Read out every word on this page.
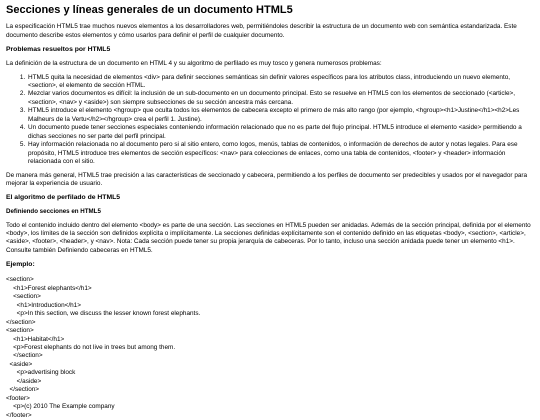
Secciones y líneas generales de un documento HTML5

La especificación HTML5 trae muchos nuevos elementos a los desarrolladores web, permitiéndoles describir la estructura de un documento web con semántica estandarizada. Este documento describe estos elementos y cómo usarlos para definir el perfil de cualquier documento.

Problemas resueltos por HTML5

La definición de la estructura de un documento en HTML 4 y su algoritmo de perfilado es muy tosco y genera numerosos problemas:

1. HTML5 quita la necesidad de elementos <div> para definir secciones semánticas sin definir valores específicos para los atributos class, introduciendo un nuevo elemento, <section>, el elemento de sección HTML.
2. Mezclar varios documentos es difícil: la inclusión de un sub-documento en un documento principal. Esto se resuelve en HTML5 con los elementos de seccionado (<article>, <section>, <nav> y <aside>) son siempre subsecciones de su sección ancestra más cercana.
3. HTML5 introduce el elemento <hgroup> que oculta todos los elementos de cabecera excepto el primero de más alto rango (por ejemplo, <hgroup><h1>Justine</h1><h2>Les Malheurs de la Vertu</h2></hgroup> crea el perfil 1. Justine).
4. Un documento puede tener secciones especiales conteniendo información relacionado que no es parte del flujo principal. HTML5 introduce el elemento <aside> permitiendo a dichas secciones no ser parte del perfil principal.
5. Hay información relacionada no al documento pero si al sitio entero, como logos, menús, tablas de contenidos, o información de derechos de autor y notas legales. Para ese propósito, HTML5 introduce tres elementos de sección específicos: <nav> para colecciones de enlaces, como una tabla de contenidos, <footer> y <header> información relacionada con el sitio.

De manera más general, HTML5 trae precisión a las características de seccionado y cabecera, permitiendo a los perfiles de documento ser predecibles y usados por el navegador para mejorar la experiencia de usuario.

El algoritmo de perfilado de HTML5
Definiendo secciones en HTML5

Todo el contenido incluido dentro del elemento <body> es parte de una sección. Las secciones en HTML5 pueden ser anidadas. Además de la sección principal, definida por el elemento <body>, los límites de la sección son definidos explícita o implícitamente. La secciones definidas explícitamente son el contenido definido en las etiquetas <body>, <section>, <article>, <aside>, <footer>, <header>, y <nav>. Nota: Cada sección puede tener su propia jerarquía de cabeceras. Por lo tanto, incluso una sección anidada puede tener un elemento <h1>. Consulte también Definiendo cabeceras en HTML5.

Ejemplo:
<section>
<h1>Forest elephants</h1>
<section>
<h1>Introduction</h1>
<p>In this section, we discuss the lesser known forest elephants.
</section>
<section>
<h1>Habitat</h1>
<p>Forest elephants do not live in trees but among them.
</section>
<aside>
<p>advertising block
</aside>
</section>
<footer>
<p>(c) 2010 The Example company
</footer>
